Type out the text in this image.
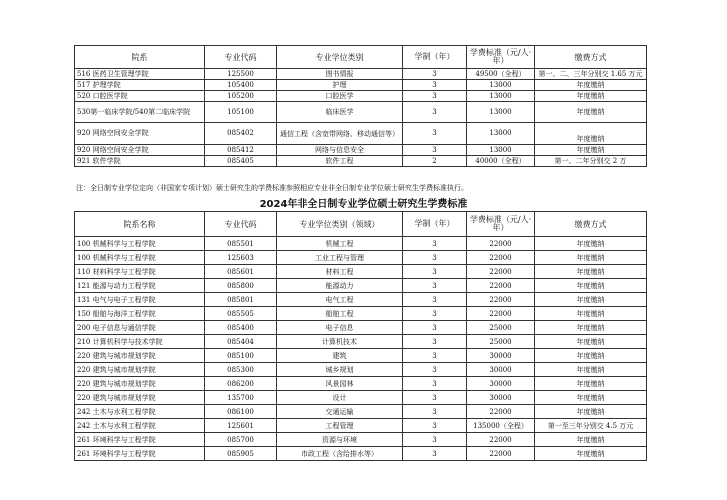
院系	专业代码	专业学位类别	学制（年）	学费标准（元/人·年）	缴费方式
516 医药卫生管理学院	125500	图书情报	3	49500（全程）	第一、二、三年分别交 1.65 万元
517 护理学院	105400	护理	3	13000	年度缴纳
520 口腔医学院	105200	口腔医学	3	13000	年度缴纳
530第一临床学院/540第二临床学院	105100	临床医学	3	13000	年度缴纳
920 网络空间安全学院	085402	通信工程（含宽带网络、移动通信等）	3	13000	年度缴纳
920 网络空间安全学院	085412	网络与信息安全	3	13000	年度缴纳
921 软件学院	085405	软件工程	2	40000（全程）	第一、二年分别交 2 万
注：全日制专业学位定向（非国家专项计划）硕士研究生的学费标准参照相应专业非全日制专业学位硕士研究生学费标准执行。
2024年非全日制专业学位硕士研究生学费标准
院系名称	专业代码	专业学位类别（领域）	学制（年）	学费标准（元/人·年）	缴费方式
100 机械科学与工程学院	085501	机械工程	3	22000	年度缴纳
100 机械科学与工程学院	125603	工业工程与管理	3	22000	年度缴纳
110 材料科学与工程学院	085601	材料工程	3	22000	年度缴纳
121 能源与动力工程学院	085800	能源动力	3	22000	年度缴纳
131 电气与电子工程学院	085801	电气工程	3	22000	年度缴纳
150 船舶与海洋工程学院	085505	船舶工程	3	22000	年度缴纳
200 电子信息与通信学院	085400	电子信息	3	25000	年度缴纳
210 计算机科学与技术学院	085404	计算机技术	3	25000	年度缴纳
220 建筑与城市规划学院	085100	建筑	3	30000	年度缴纳
220 建筑与城市规划学院	085300	城乡规划	3	30000	年度缴纳
220 建筑与城市规划学院	086200	风景园林	3	30000	年度缴纳
220 建筑与城市规划学院	135700	设计	3	30000	年度缴纳
242 土木与水利工程学院	086100	交通运输	3	22000	年度缴纳
242 土木与水利工程学院	125601	工程管理	3	135000（全程）	第一至三年分别交 4.5 万元
261 环境科学与工程学院	085700	资源与环境	3	22000	年度缴纳
261 环境科学与工程学院	085905	市政工程（含给排水等）	3	22000	年度缴纳
